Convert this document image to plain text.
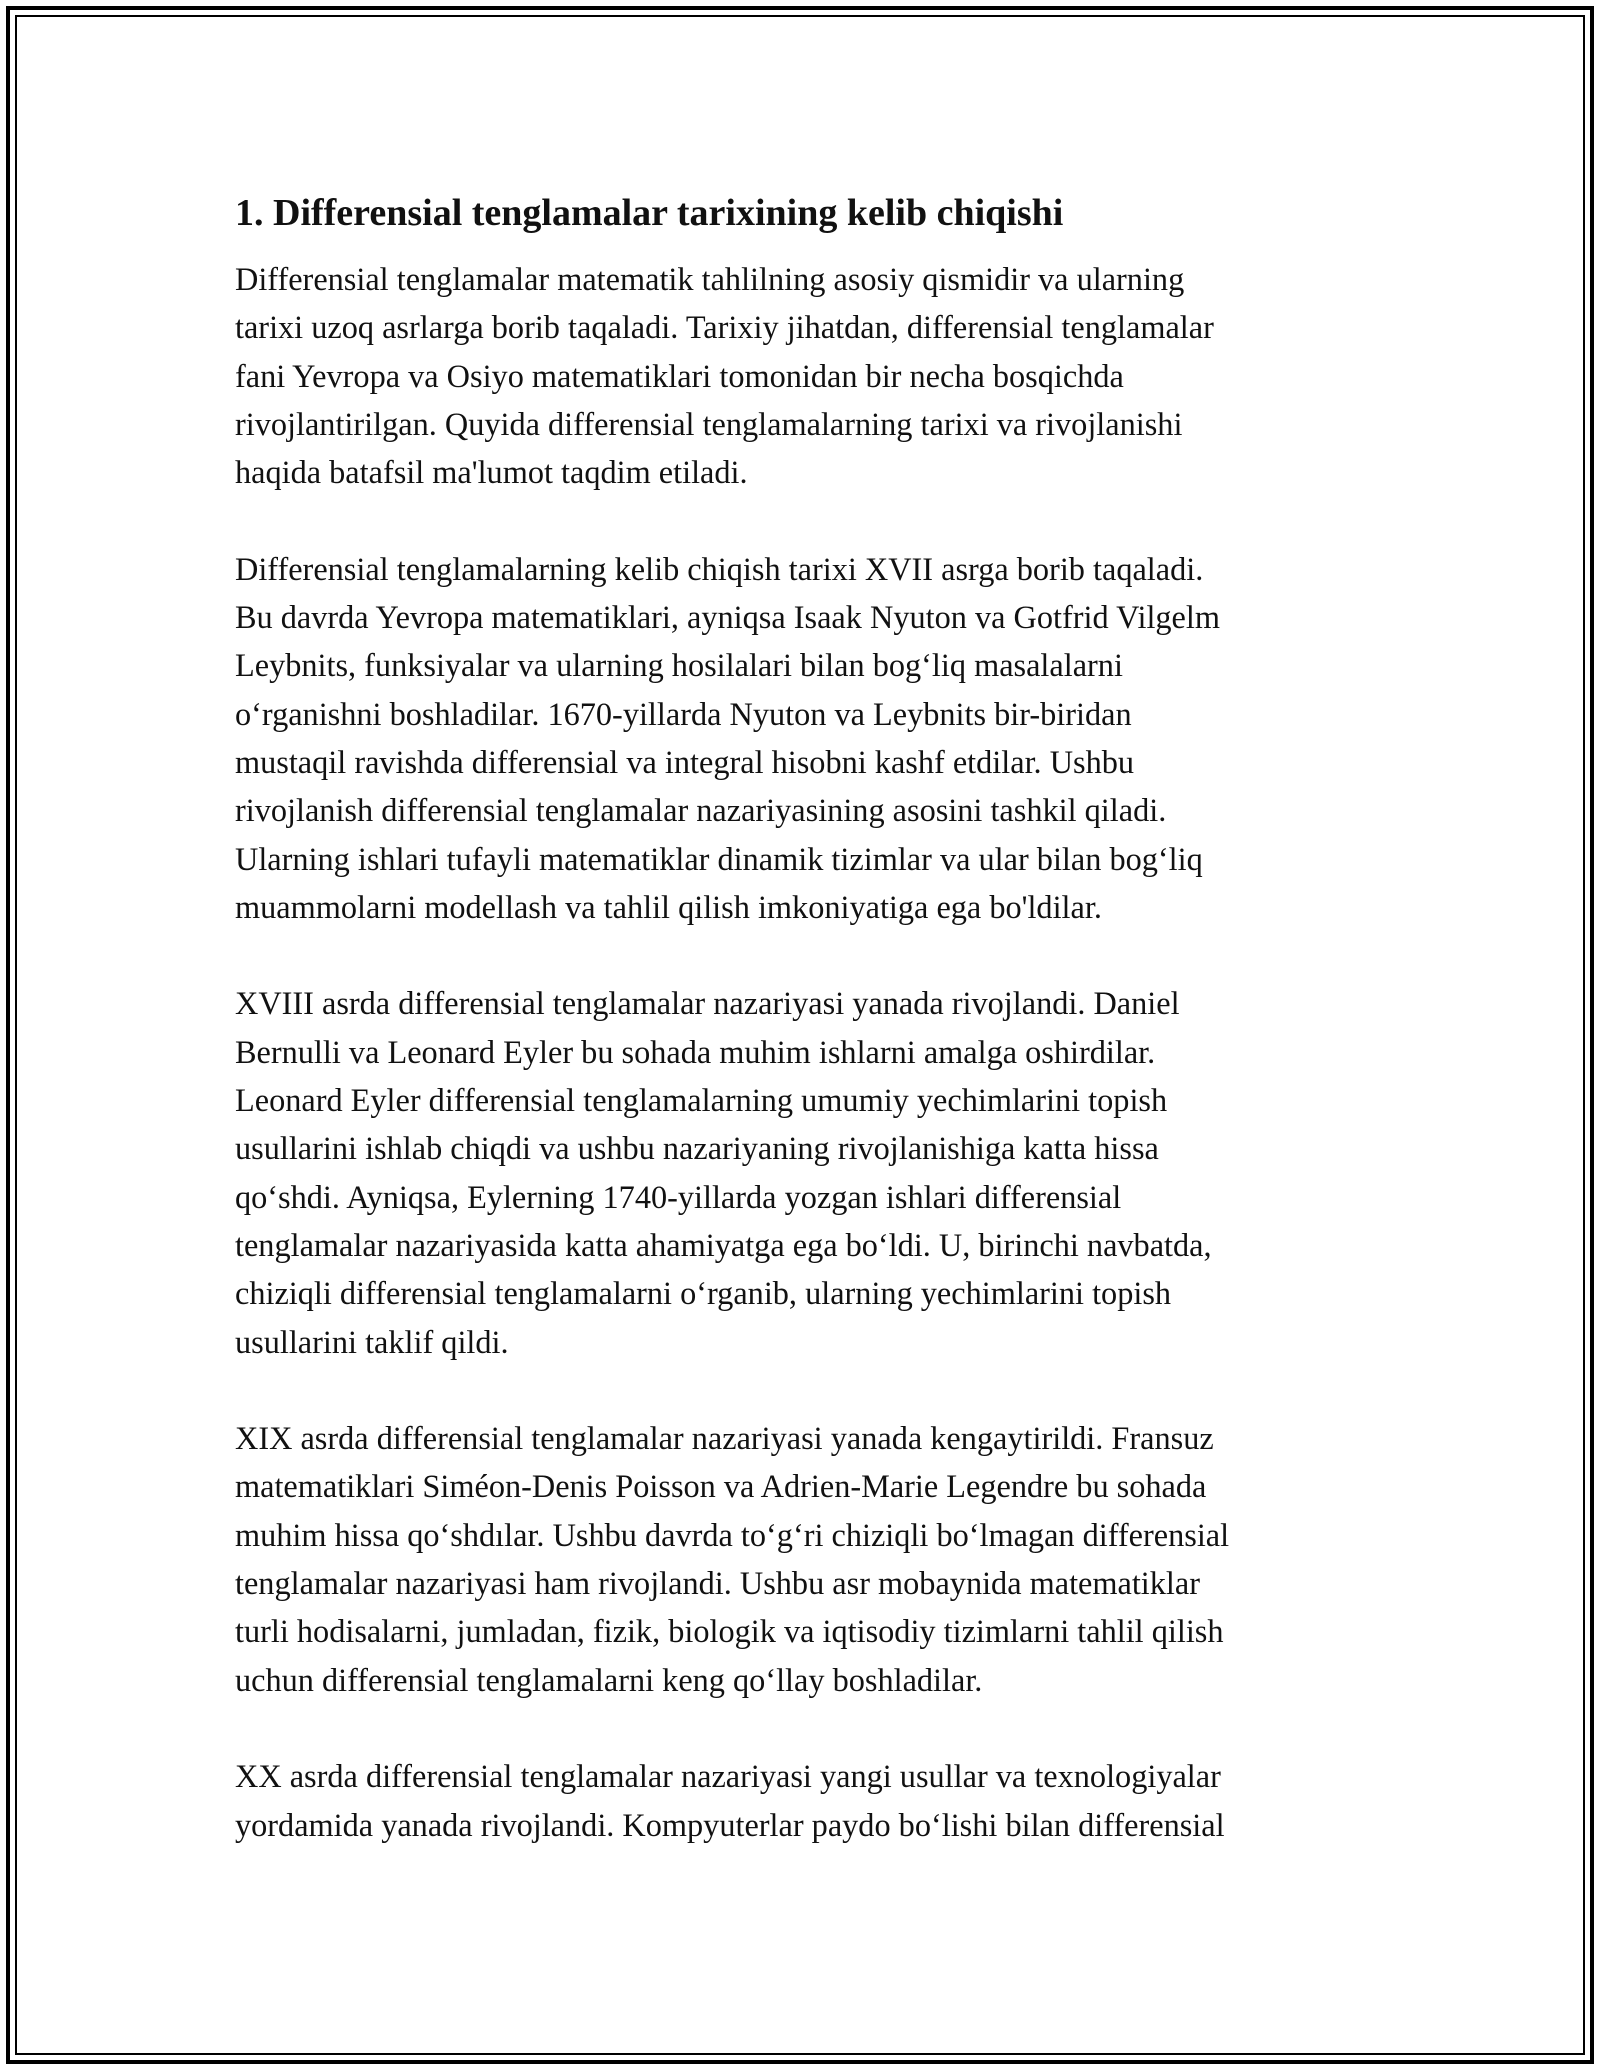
1. Differensial tenglamalar tarixining kelib chiqishi

Differensial tenglamalar matematik tahlilning asosiy qismidir va ularning
tarixi uzoq asrlarga borib taqaladi. Tarixiy jihatdan, differensial tenglamalar
fani Yevropa va Osiyo matematiklari tomonidan bir necha bosqichda
rivojlantirilgan. Quyida differensial tenglamalarning tarixi va rivojlanishi
haqida batafsil ma'lumot taqdim etiladi.

Differensial tenglamalarning kelib chiqish tarixi XVII asrga borib taqaladi.
Bu davrda Yevropa matematiklari, ayniqsa Isaak Nyuton va Gotfrid Vilgelm
Leybnits, funksiyalar va ularning hosilalari bilan bog‘liq masalalarni
o‘rganishni boshladilar. 1670-yillarda Nyuton va Leybnits bir-biridan
mustaqil ravishda differensial va integral hisobni kashf etdilar. Ushbu
rivojlanish differensial tenglamalar nazariyasining asosini tashkil qiladi.
Ularning ishlari tufayli matematiklar dinamik tizimlar va ular bilan bog‘liq
muammolarni modellash va tahlil qilish imkoniyatiga ega bo'ldilar.

XVIII asrda differensial tenglamalar nazariyasi yanada rivojlandi. Daniel
Bernulli va Leonard Eyler bu sohada muhim ishlarni amalga oshirdilar.
Leonard Eyler differensial tenglamalarning umumiy yechimlarini topish
usullarini ishlab chiqdi va ushbu nazariyaning rivojlanishiga katta hissa
qo‘shdi. Ayniqsa, Eylerning 1740-yillarda yozgan ishlari differensial
tenglamalar nazariyasida katta ahamiyatga ega bo‘ldi. U, birinchi navbatda,
chiziqli differensial tenglamalarni o‘rganib, ularning yechimlarini topish
usullarini taklif qildi.

XIX asrda differensial tenglamalar nazariyasi yanada kengaytirildi. Fransuz
matematiklari Siméon-Denis Poisson va Adrien-Marie Legendre bu sohada
muhim hissa qo‘shdılar. Ushbu davrda to‘g‘ri chiziqli bo‘lmagan differensial
tenglamalar nazariyasi ham rivojlandi. Ushbu asr mobaynida matematiklar
turli hodisalarni, jumladan, fizik, biologik va iqtisodiy tizimlarni tahlil qilish
uchun differensial tenglamalarni keng qo‘llay boshladilar.

XX asrda differensial tenglamalar nazariyasi yangi usullar va texnologiyalar
yordamida yanada rivojlandi. Kompyuterlar paydo bo‘lishi bilan differensial
